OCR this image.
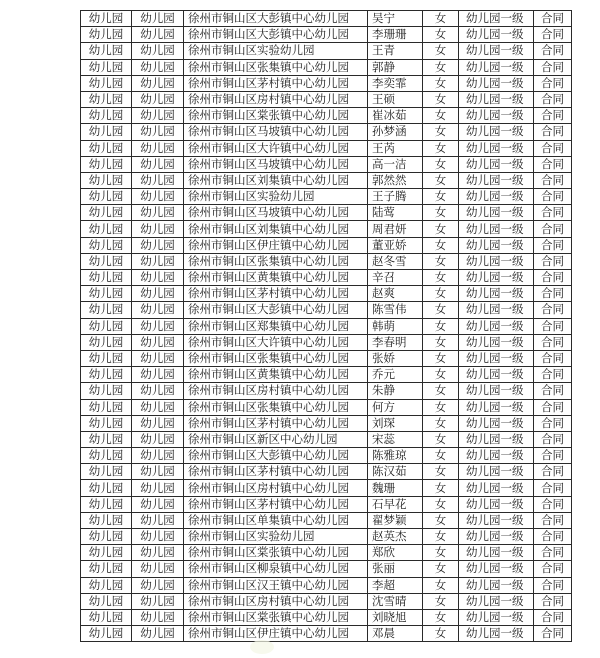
幼儿园	幼儿园	徐州市铜山区大彭镇中心幼儿园	吴宁	女	幼儿园一级	合同
幼儿园	幼儿园	徐州市铜山区大彭镇中心幼儿园	李珊珊	女	幼儿园一级	合同
幼儿园	幼儿园	徐州市铜山区实验幼儿园	王青	女	幼儿园一级	合同
幼儿园	幼儿园	徐州市铜山区张集镇中心幼儿园	郭静	女	幼儿园一级	合同
幼儿园	幼儿园	徐州市铜山区茅村镇中心幼儿园	李奕霏	女	幼儿园一级	合同
幼儿园	幼儿园	徐州市铜山区房村镇中心幼儿园	王硕	女	幼儿园一级	合同
幼儿园	幼儿园	徐州市铜山区棠张镇中心幼儿园	崔冰茹	女	幼儿园一级	合同
幼儿园	幼儿园	徐州市铜山区马坡镇中心幼儿园	孙梦涵	女	幼儿园一级	合同
幼儿园	幼儿园	徐州市铜山区大许镇中心幼儿园	王芮	女	幼儿园一级	合同
幼儿园	幼儿园	徐州市铜山区马坡镇中心幼儿园	高一洁	女	幼儿园一级	合同
幼儿园	幼儿园	徐州市铜山区刘集镇中心幼儿园	郭然然	女	幼儿园一级	合同
幼儿园	幼儿园	徐州市铜山区实验幼儿园	王子腾	女	幼儿园一级	合同
幼儿园	幼儿园	徐州市铜山区马坡镇中心幼儿园	陆莺	女	幼儿园一级	合同
幼儿园	幼儿园	徐州市铜山区刘集镇中心幼儿园	周君妍	女	幼儿园一级	合同
幼儿园	幼儿园	徐州市铜山区伊庄镇中心幼儿园	董亚娇	女	幼儿园一级	合同
幼儿园	幼儿园	徐州市铜山区张集镇中心幼儿园	赵冬雪	女	幼儿园一级	合同
幼儿园	幼儿园	徐州市铜山区黄集镇中心幼儿园	辛召	女	幼儿园一级	合同
幼儿园	幼儿园	徐州市铜山区茅村镇中心幼儿园	赵爽	女	幼儿园一级	合同
幼儿园	幼儿园	徐州市铜山区大彭镇中心幼儿园	陈雪伟	女	幼儿园一级	合同
幼儿园	幼儿园	徐州市铜山区郑集镇中心幼儿园	韩萌	女	幼儿园一级	合同
幼儿园	幼儿园	徐州市铜山区大许镇中心幼儿园	李春明	女	幼儿园一级	合同
幼儿园	幼儿园	徐州市铜山区张集镇中心幼儿园	张娇	女	幼儿园一级	合同
幼儿园	幼儿园	徐州市铜山区黄集镇中心幼儿园	乔元	女	幼儿园一级	合同
幼儿园	幼儿园	徐州市铜山区房村镇中心幼儿园	朱静	女	幼儿园一级	合同
幼儿园	幼儿园	徐州市铜山区张集镇中心幼儿园	何方	女	幼儿园一级	合同
幼儿园	幼儿园	徐州市铜山区茅村镇中心幼儿园	刘琛	女	幼儿园一级	合同
幼儿园	幼儿园	徐州市铜山区新区中心幼儿园	宋蕊	女	幼儿园一级	合同
幼儿园	幼儿园	徐州市铜山区大彭镇中心幼儿园	陈雅琼	女	幼儿园一级	合同
幼儿园	幼儿园	徐州市铜山区茅村镇中心幼儿园	陈汉茹	女	幼儿园一级	合同
幼儿园	幼儿园	徐州市铜山区房村镇中心幼儿园	魏珊	女	幼儿园一级	合同
幼儿园	幼儿园	徐州市铜山区茅村镇中心幼儿园	石早花	女	幼儿园一级	合同
幼儿园	幼儿园	徐州市铜山区单集镇中心幼儿园	翟梦颖	女	幼儿园一级	合同
幼儿园	幼儿园	徐州市铜山区实验幼儿园	赵英杰	女	幼儿园一级	合同
幼儿园	幼儿园	徐州市铜山区棠张镇中心幼儿园	郑欣	女	幼儿园一级	合同
幼儿园	幼儿园	徐州市铜山区柳泉镇中心幼儿园	张丽	女	幼儿园一级	合同
幼儿园	幼儿园	徐州市铜山区汉王镇中心幼儿园	李超	女	幼儿园一级	合同
幼儿园	幼儿园	徐州市铜山区房村镇中心幼儿园	沈雪晴	女	幼儿园一级	合同
幼儿园	幼儿园	徐州市铜山区棠张镇中心幼儿园	刘晓旭	女	幼儿园一级	合同
幼儿园	幼儿园	徐州市铜山区伊庄镇中心幼儿园	邓晨	女	幼儿园一级	合同
